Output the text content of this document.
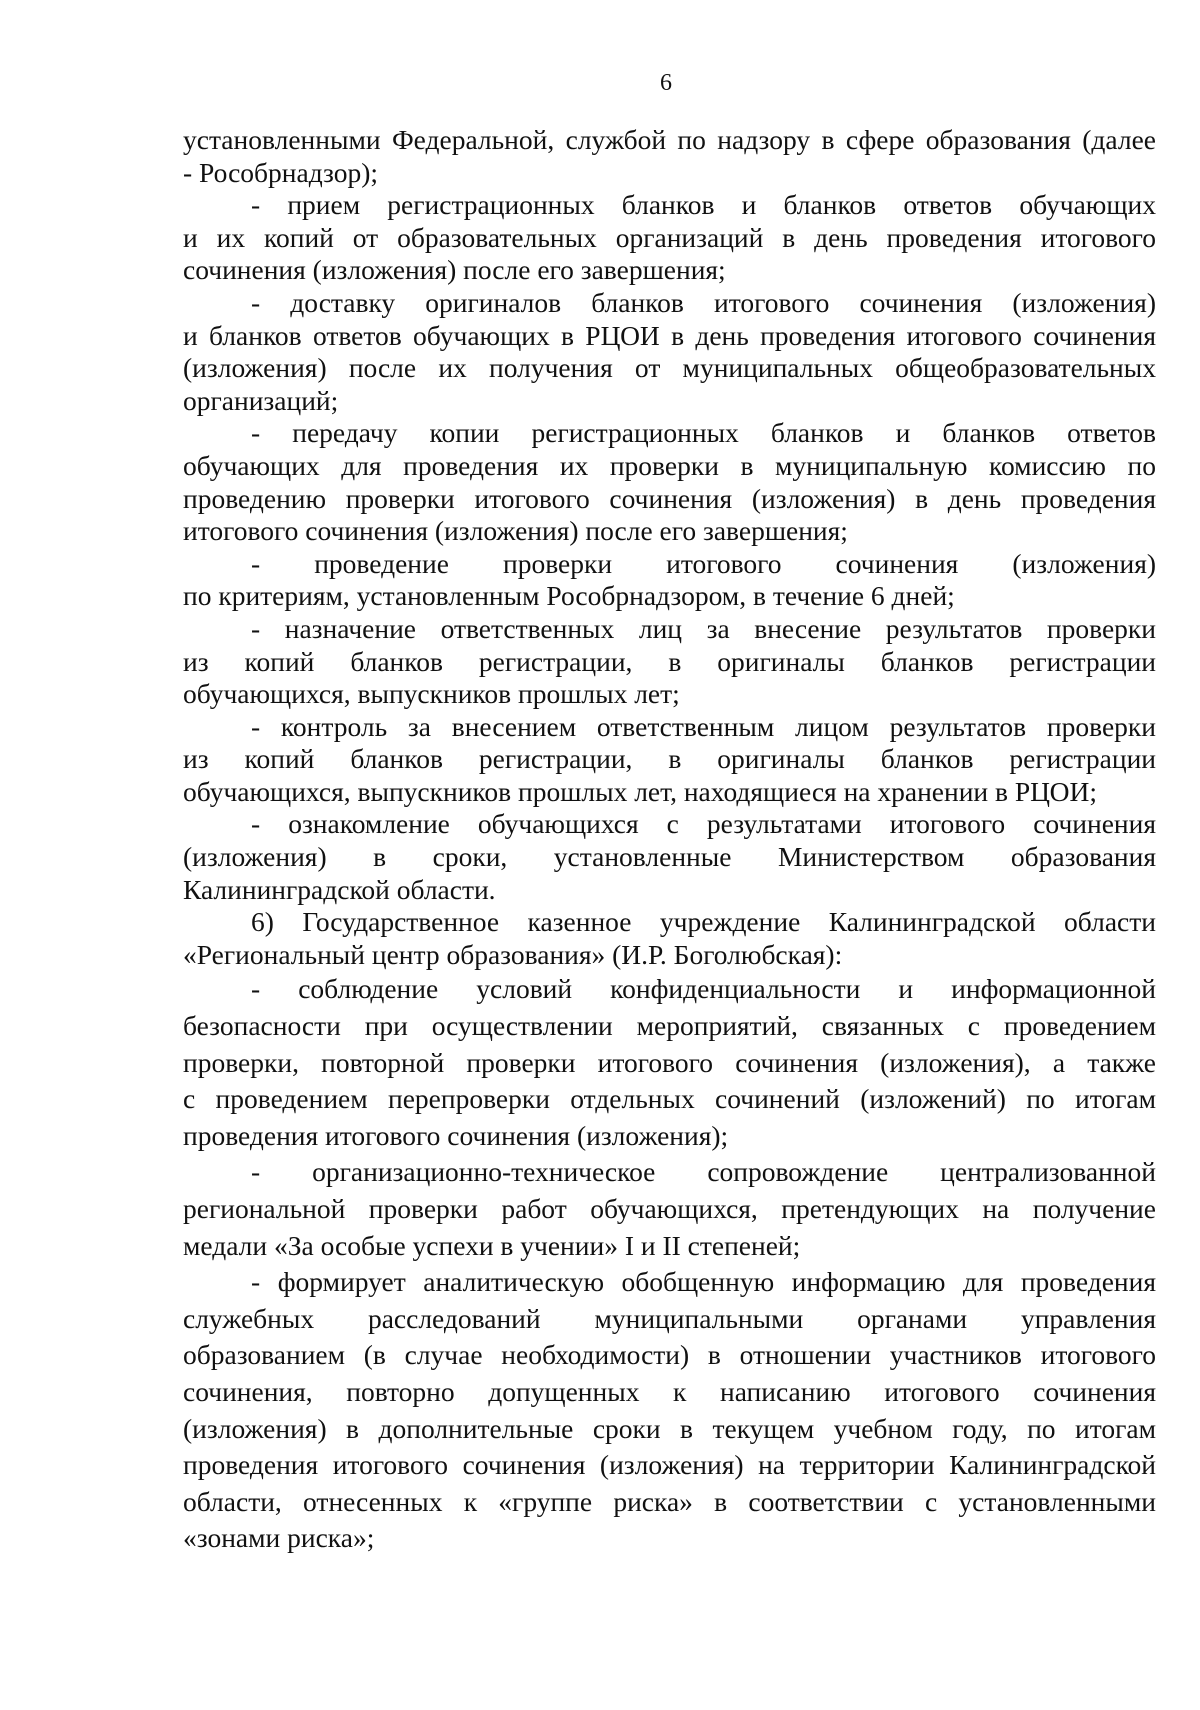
6

установленными Федеральной, службой по надзору в сфере образования (далее

- Рособрнадзор);

- прием регистрационных бланков и бланков ответов обучающих

и их копий от образовательных организаций в день проведения итогового

сочинения (изложения) после его завершения;

- доставку оригиналов бланков итогового сочинения (изложения)

и бланков ответов обучающих в РЦОИ в день проведения итогового сочинения

(изложения) после их получения от муниципальных общеобразовательных

организаций;

- передачу копии регистрационных бланков и бланков ответов

обучающих для проведения их проверки в муниципальную комиссию по

проведению проверки итогового сочинения (изложения) в день проведения

итогового сочинения (изложения) после его завершения;

- проведение проверки итогового сочинения (изложения)

по критериям, установленным Рособрнадзором, в течение 6 дней;

- назначение ответственных лиц за внесение результатов проверки

из копий бланков регистрации, в оригиналы бланков регистрации

обучающихся, выпускников прошлых лет;

- контроль за внесением ответственным лицом результатов проверки

из копий бланков регистрации, в оригиналы бланков регистрации

обучающихся, выпускников прошлых лет, находящиеся на хранении в РЦОИ;

- ознакомление обучающихся с результатами итогового сочинения

(изложения) в сроки, установленные Министерством образования

Калининградской области.

6) Государственное казенное учреждение Калининградской области

«Региональный центр образования» (И.Р. Боголюбская):

- соблюдение условий конфиденциальности и информационной

безопасности при осуществлении мероприятий, связанных с проведением

проверки, повторной проверки итогового сочинения (изложения), а также

с проведением перепроверки отдельных сочинений (изложений) по итогам

проведения итогового сочинения (изложения);

- организационно-техническое сопровождение централизованной

региональной проверки работ обучающихся, претендующих на получение

медали «За особые успехи в учении» I и II степеней;

- формирует аналитическую обобщенную информацию для проведения

служебных расследований муниципальными органами управления

образованием (в случае необходимости) в отношении участников итогового

сочинения, повторно допущенных к написанию итогового сочинения

(изложения) в дополнительные сроки в текущем учебном году, по итогам

проведения итогового сочинения (изложения) на территории Калининградской

области, отнесенных к «группе риска» в соответствии с установленными

«зонами риска»;
